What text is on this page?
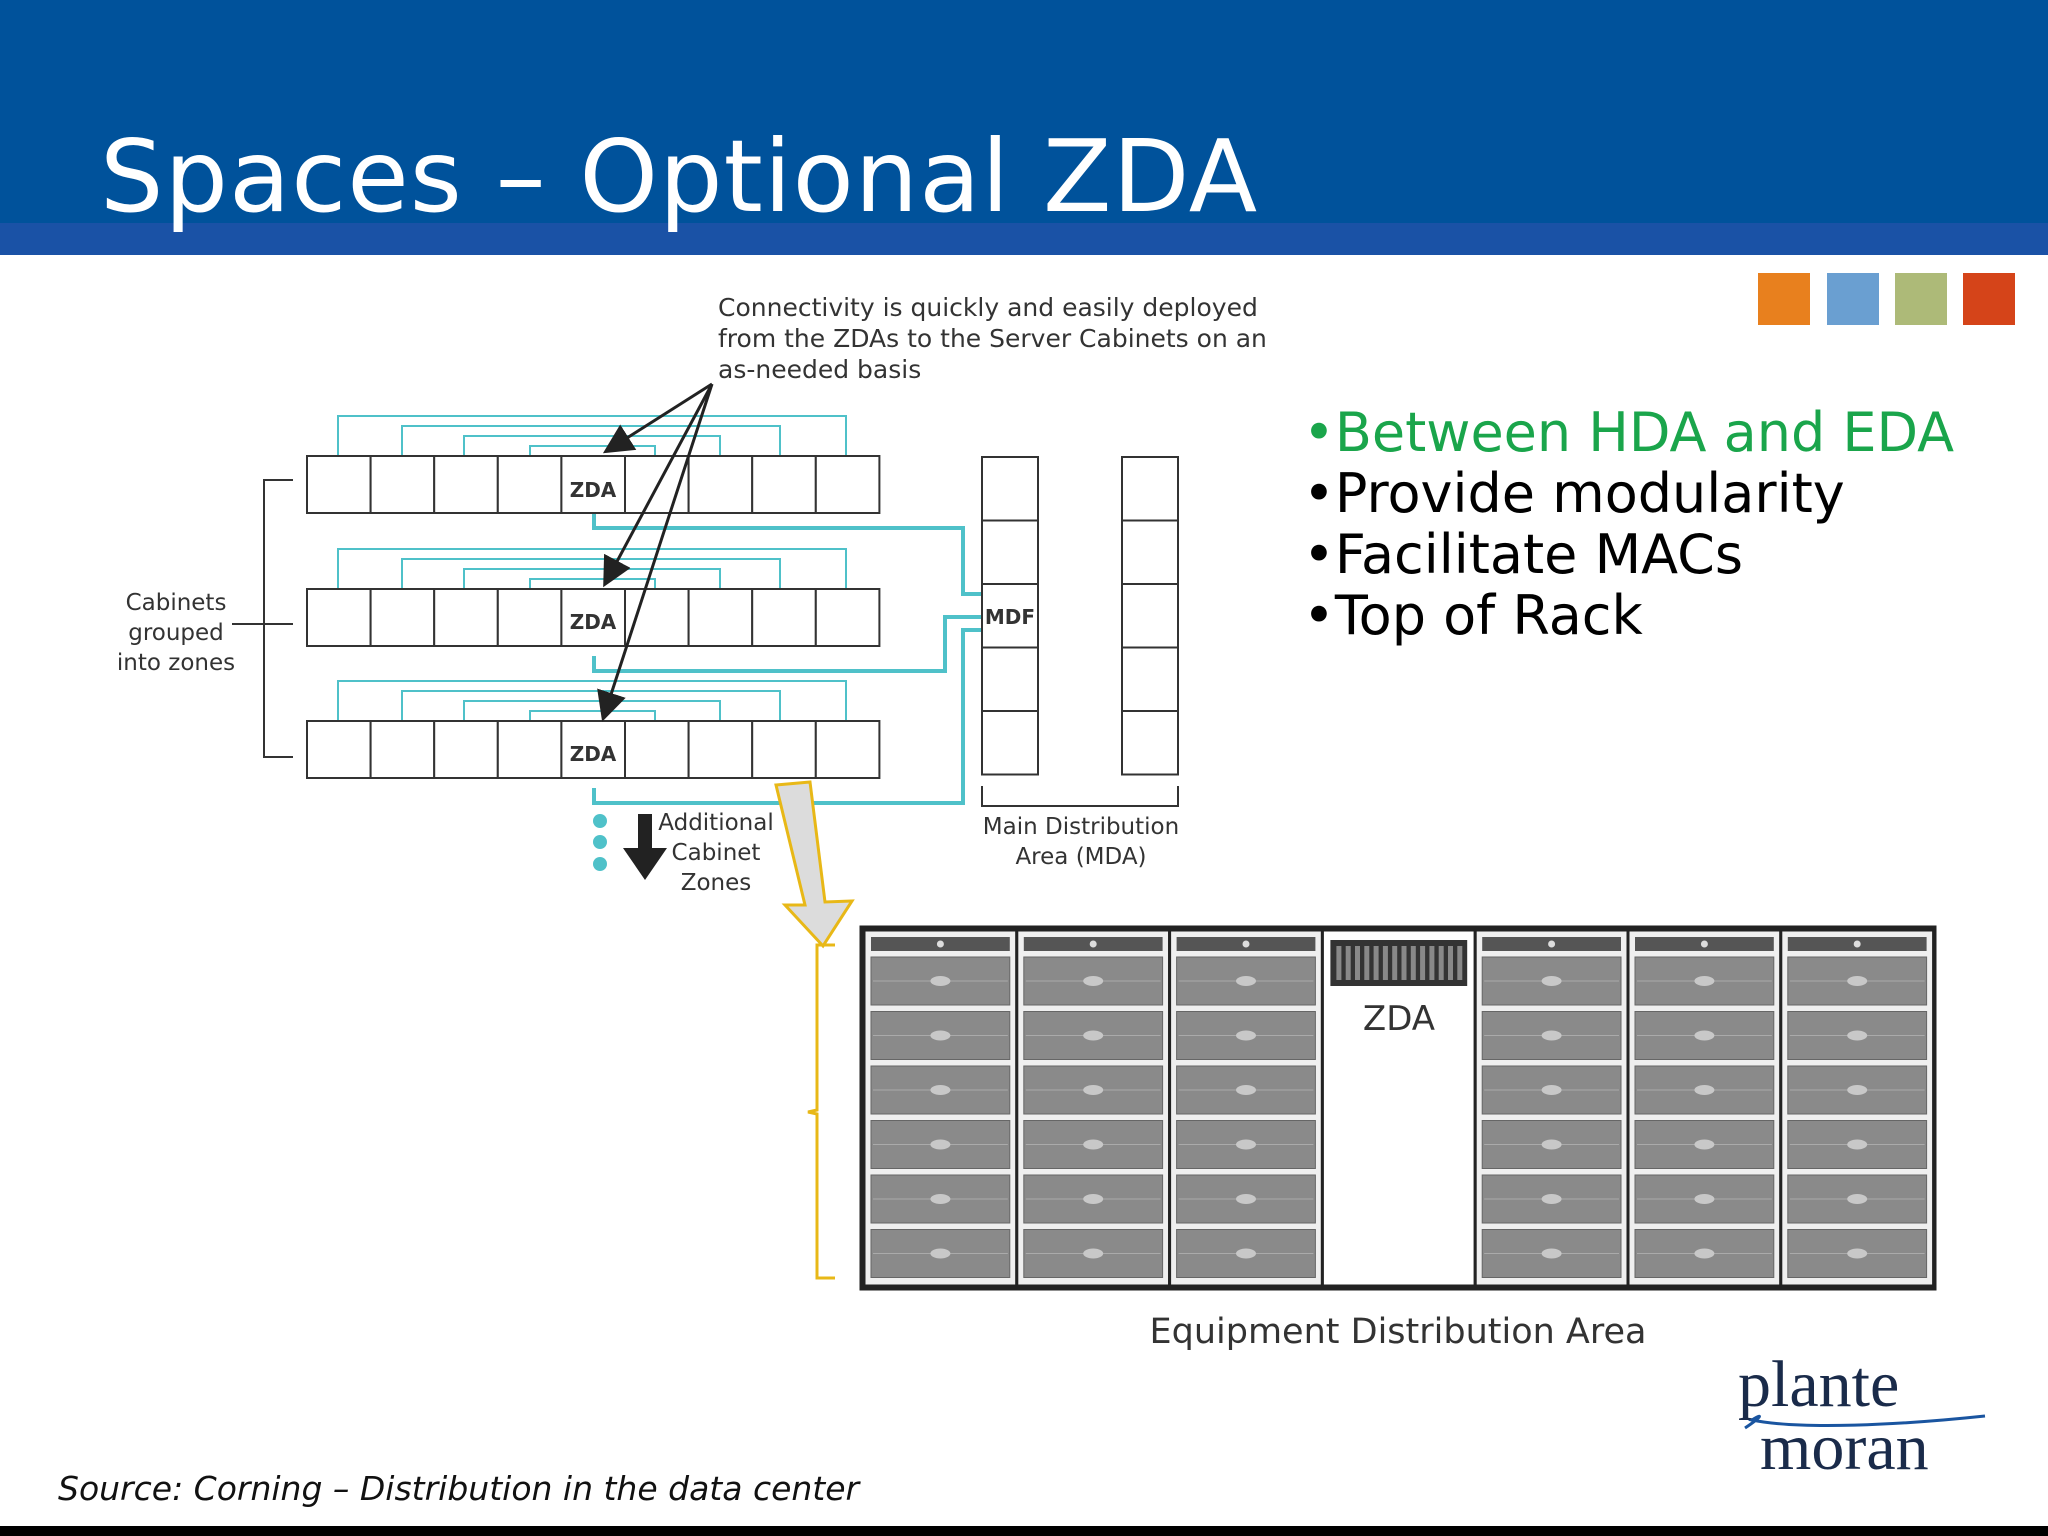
Spaces – Optional ZDA
Connectivity is quickly and easily deployed
from the ZDAs to the Server Cabinets on an
as-needed basis
Cabinets
grouped
into zones
ZDA
ZDA
ZDA
MDF
Additional
Cabinet
Zones
Main Distribution
Area (MDA)
ZDA
Equipment Distribution Area
•Between HDA and EDA
•Provide modularity
•Facilitate MACs
•Top of Rack
plante
moran
Source: Corning – Distribution in the data center
